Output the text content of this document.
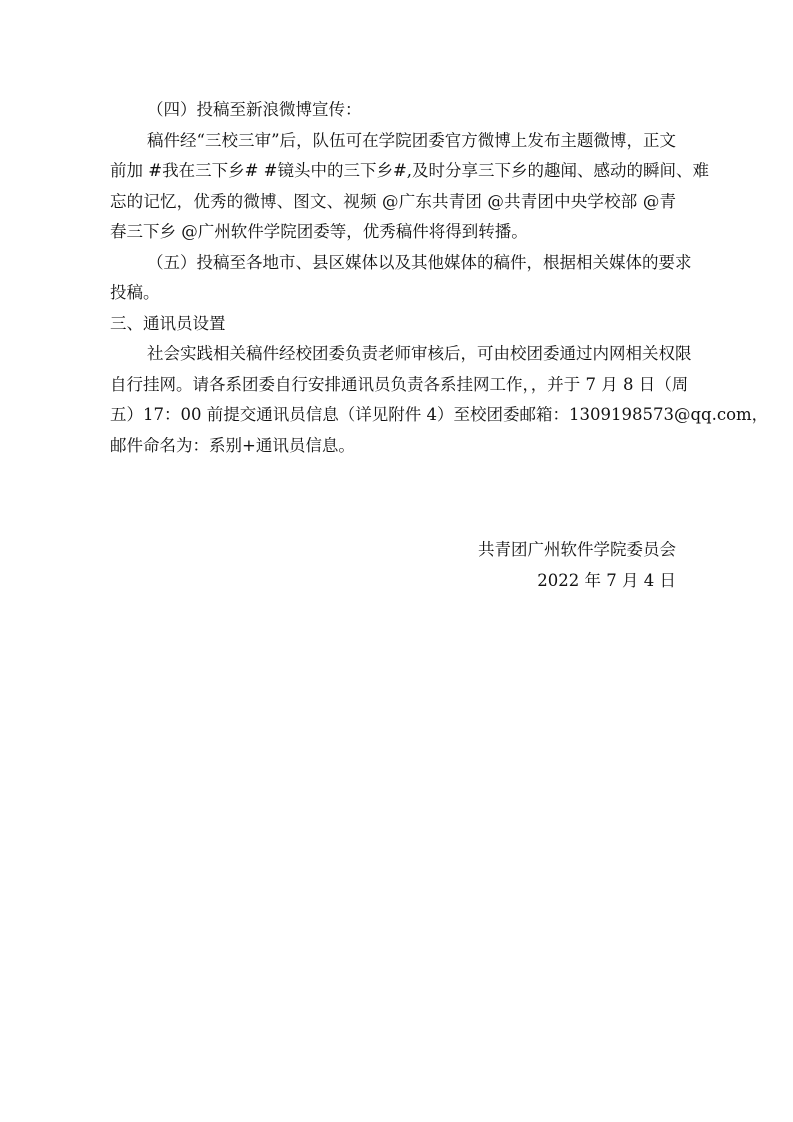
（四）投稿至新浪微博宣传：
稿件经“三校三审”后，队伍可在学院团委官方微博上发布主题微博，正文
前加 #我在三下乡# #镜头中的三下乡#,及时分享三下乡的趣闻、感动的瞬间、难
忘的记忆，优秀的微博、图文、视频 @广东共青团 @共青团中央学校部 @青
春三下乡 @广州软件学院团委等，优秀稿件将得到转播。
（五）投稿至各地市、县区媒体以及其他媒体的稿件，根据相关媒体的要求
投稿。
三、通讯员设置
社会实践相关稿件经校团委负责老师审核后，可由校团委通过内网相关权限
自行挂网。请各系团委自行安排通讯员负责各系挂网工作，，并于 7 月 8 日（周
五）17：00 前提交通讯员信息（详见附件 4）至校团委邮箱：1309198573@qq.com，
邮件命名为：系别+通讯员信息。
共青团广州软件学院委员会
2022 年 7 月 4 日
